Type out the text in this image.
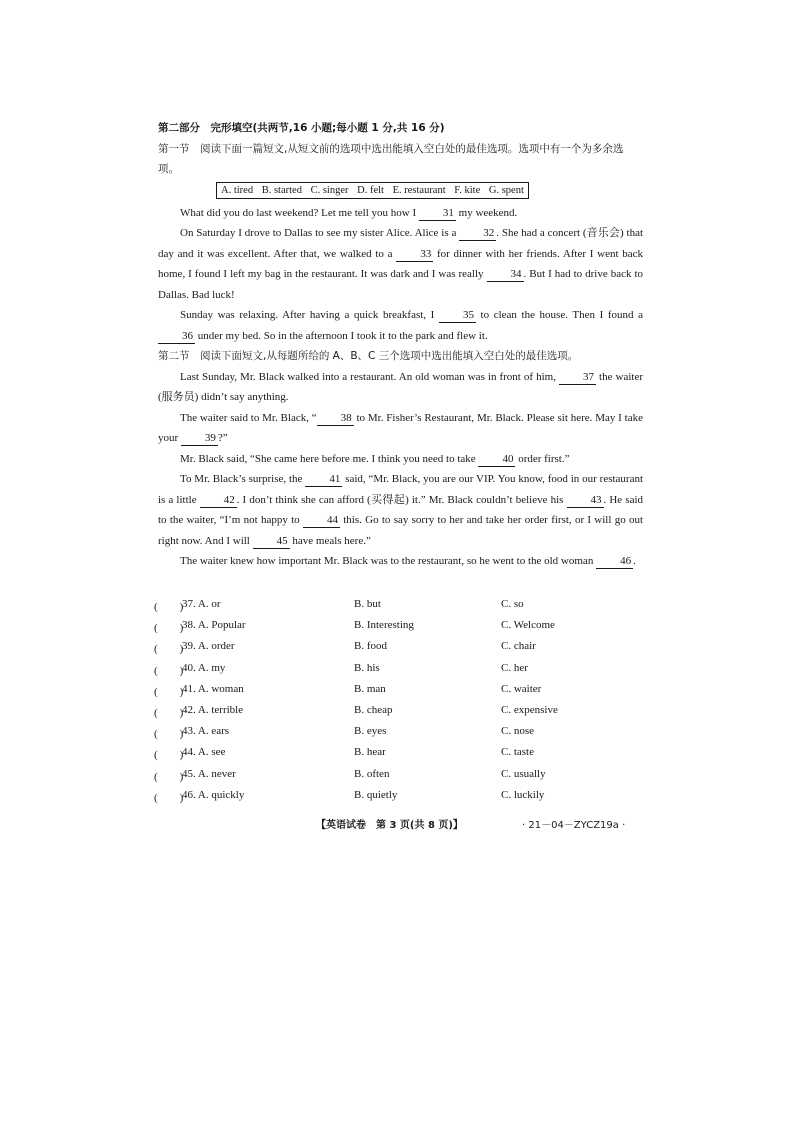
第二部分　完形填空(共两节,16 小题;每小题 1 分,共 16 分)
第一节　阅读下面一篇短文,从短文前的选项中选出能填入空白处的最佳选项。选项中有一个为多余选项。
A. tired B. started C. singer D. felt E. restaurant F. kite G. spent

What did you do last weekend? Let me tell you how I 31 my weekend.

On Saturday I drove to Dallas to see my sister Alice. Alice is a 32 . She had a concert (音乐会) that day and it was excellent. After that, we walked to a	33 for dinner with her friends. After I went back home, I found I left my bag in the restaurant. It was dark and I was really 34 . But I had to drive back to Dallas. Bad luck!

Sunday was relaxing. After having a quick breakfast, I	35 to clean the house. Then I found a 36 under my bed. So in the afternoon I took it to the park and flew it.

第二节　阅读下面短文,从每题所给的 A、B、C 三个选项中选出能填入空白处的最佳选项。

Last Sunday, Mr. Black walked into a restaurant. An old woman was in front of him, 37 the waiter (服务员) didn’t say anything.

The waiter said to Mr. Black, “ 38 to Mr. Fisher’s Restaurant, Mr. Black. Please sit here. May I take your 39 ?”

Mr. Black said, “She came here before me. I think you need to take 40 order first.”

To Mr. Black’s surprise, the 41 said, “Mr. Black, you are our VIP. You know, food in our restaurant is a little 42 . I don’t think she can afford (买得起) it.” Mr. Black couldn’t believe his 43 . He said to the waiter, “I’m not happy to 44 this. Go to say sorry to her and take her order first, or I will go out right now. And I will 45 have meals here.”

The waiter knew how important Mr. Black was to the restaurant, so he went to the old woman 46 .

(　　)
37. A. or	B. but	C. so
(　　)
38. A. Popular	B. Interesting	C. Welcome
(　　)
39. A. order	B. food	C. chair
(　　)
40. A. my	B. his	C. her
(　　)
41. A. woman	B. man	C. waiter
(　　)
42. A. terrible	B. cheap	C. expensive
(　　)
43. A. ears	B. eyes	C. nose
(　　)
44. A. see	B. hear	C. taste
(　　)
45. A. never	B. often	C. usually
(　　)
46. A. quickly	B. quietly	C. luckily
【英语试卷　第 3 页(共 8 页)】	· 21－04－ZYCZ19a ·
